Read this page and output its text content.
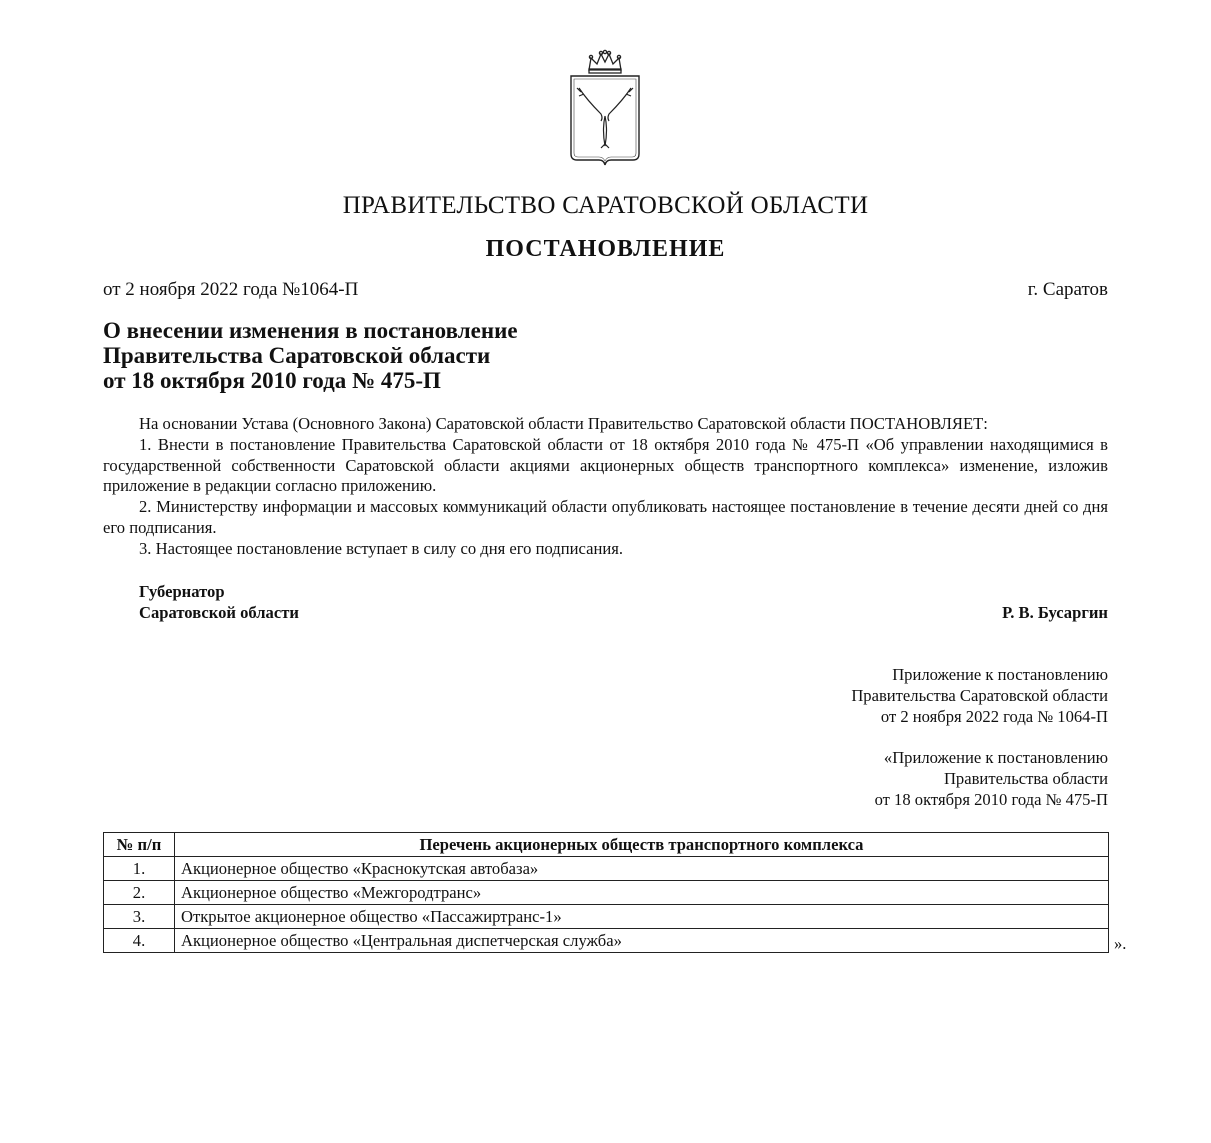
ПРАВИТЕЛЬСТВО САРАТОВСКОЙ ОБЛАСТИ
ПОСТАНОВЛЕНИЕ
от 2 ноября 2022 года №1064-П	г. Саратов
О внесении изменения в постановление
Правительства Саратовской области
от 18 октября 2010 года № 475-П

На основании Устава (Основного Закона) Саратовской области Правительство Саратовской области ПОСТАНОВЛЯЕТ:

1. Внести в постановление Правительства Саратовской области от 18 октября 2010 года № 475-П «Об управлении находящимися в государственной собственности Саратовской области акциями акционерных обществ транспортного комплекса» изменение, изложив приложение в редакции согласно приложению.

2. Министерству информации и массовых коммуникаций области опубликовать настоящее постановление в течение десяти дней со дня его подписания.

3. Настоящее постановление вступает в силу со дня его подписания.

Губернатор
Саратовской области	Р. В. Бусаргин
Приложение к постановлению
Правительства Саратовской области
от 2 ноября 2022 года № 1064-П
«Приложение к постановлению
Правительства области
от 18 октября 2010 года № 475-П
№ п/п	Перечень акционерных обществ транспортного комплекса
1.	Акционерное общество «Краснокутская автобаза»
2.	Акционерное общество «Межгородтранс»
3.	Открытое акционерное общество «Пассажиртранс-1»
4.	Акционерное общество «Центральная диспетчерская служба»	».
